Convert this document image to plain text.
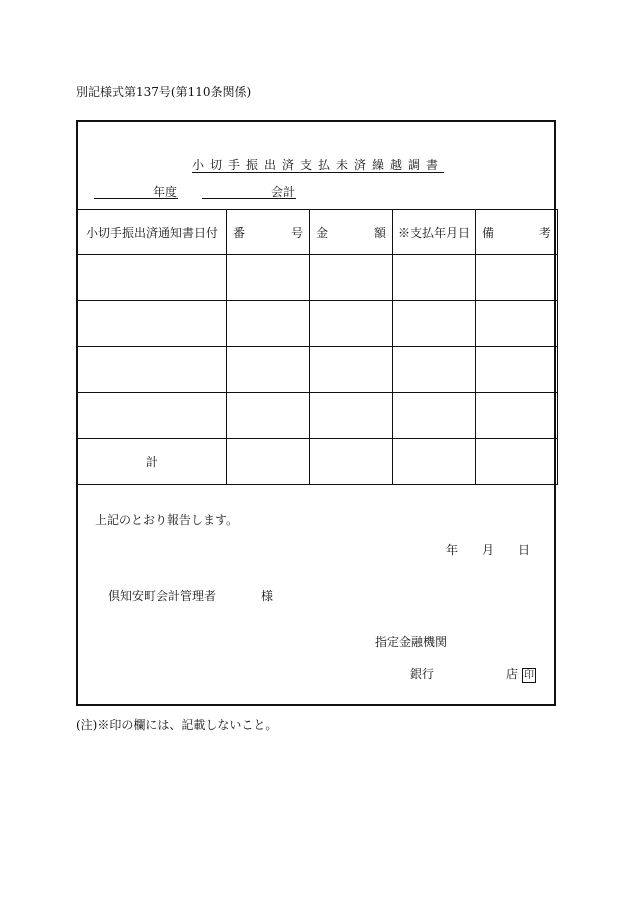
別記様式第137号(第110条関係)
小切手振出済支払未済繰越調書
年度	会計
小切手振出済通知書日付	番 号	金 額	※支払年月日	備 考

計				
上記のとおり報告します。
年 月 日
倶知安町会計管理者	様
指定金融機関
銀行	店 印
(注)※印の欄には、記載しないこと。
